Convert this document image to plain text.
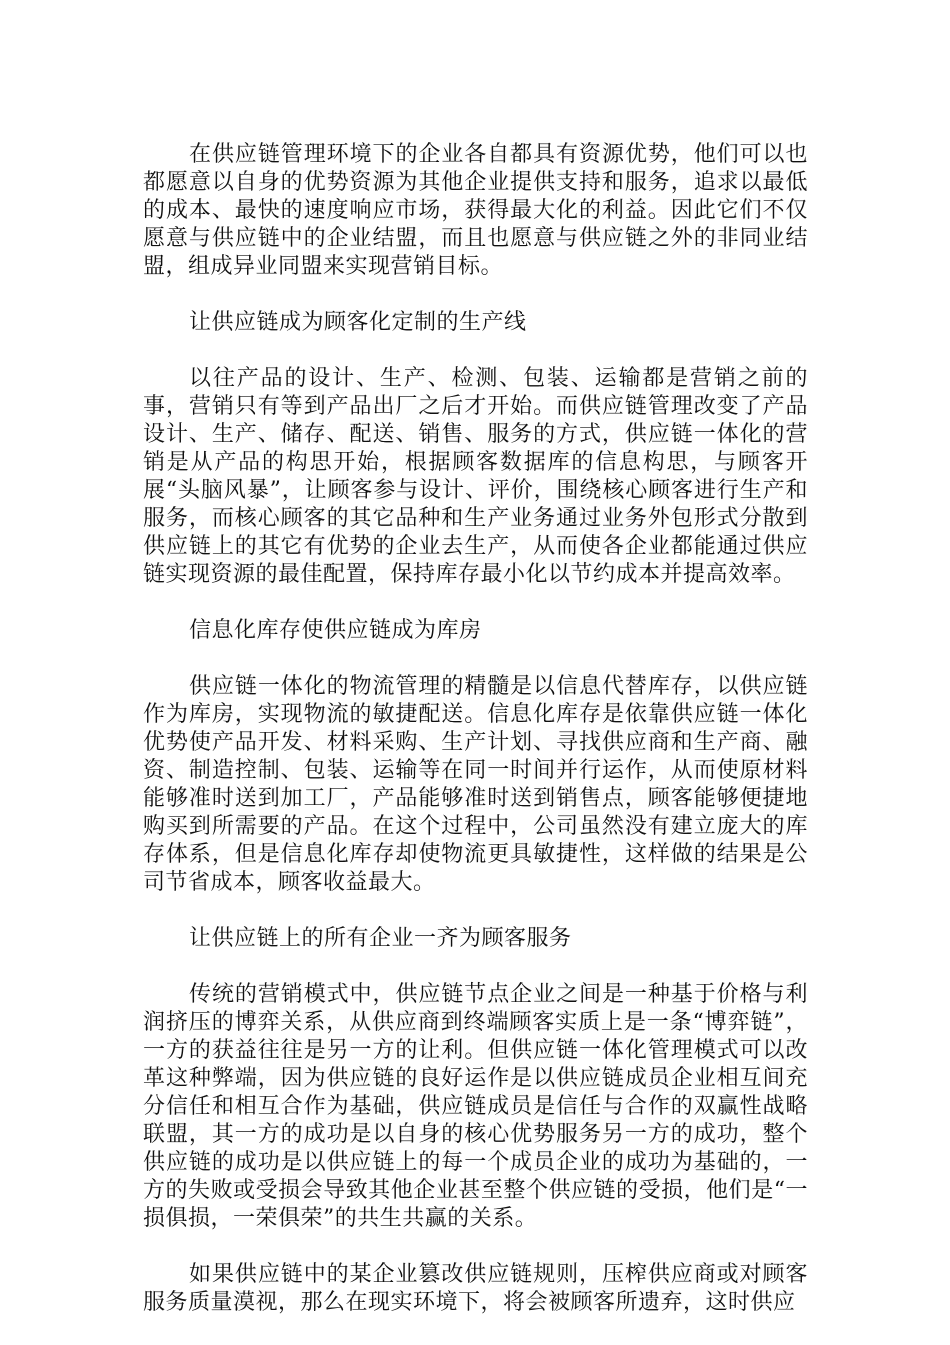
在供应链管理环境下的企业各自都具有资源优势，他们可以也都愿意以自身的优势资源为其他企业提供支持和服务，追求以最低的成本、最快的速度响应市场，获得最大化的利益。因此它们不仅愿意与供应链中的企业结盟，而且也愿意与供应链之外的非同业结盟，组成异业同盟来实现营销目标。

让供应链成为顾客化定制的生产线

以往产品的设计、生产、检测、包装、运输都是营销之前的事，营销只有等到产品出厂之后才开始。而供应链管理改变了产品设计、生产、储存、配送、销售、服务的方式，供应链一体化的营销是从产品的构思开始，根据顾客数据库的信息构思，与顾客开展“头脑风暴”，让顾客参与设计、评价，围绕核心顾客进行生产和服务，而核心顾客的其它品种和生产业务通过业务外包形式分散到供应链上的其它有优势的企业去生产，从而使各企业都能通过供应链实现资源的最佳配置，保持库存最小化以节约成本并提高效率。

信息化库存使供应链成为库房

供应链一体化的物流管理的精髓是以信息代替库存，以供应链作为库房，实现物流的敏捷配送。信息化库存是依靠供应链一体化优势使产品开发、材料采购、生产计划、寻找供应商和生产商、融资、制造控制、包装、运输等在同一时间并行运作，从而使原材料能够准时送到加工厂，产品能够准时送到销售点，顾客能够便捷地购买到所需要的产品。在这个过程中，公司虽然没有建立庞大的库存体系，但是信息化库存却使物流更具敏捷性，这样做的结果是公司节省成本，顾客收益最大。

让供应链上的所有企业一齐为顾客服务

传统的营销模式中，供应链节点企业之间是一种基于价格与利润挤压的博弈关系，从供应商到终端顾客实质上是一条“博弈链”，一方的获益往往是另一方的让利。但供应链一体化管理模式可以改革这种弊端，因为供应链的良好运作是以供应链成员企业相互间充分信任和相互合作为基础，供应链成员是信任与合作的双赢性战略联盟，其一方的成功是以自身的核心优势服务另一方的成功，整个供应链的成功是以供应链上的每一个成员企业的成功为基础的，一方的失败或受损会导致其他企业甚至整个供应链的受损，他们是“一损俱损，一荣俱荣”的共生共赢的关系。

如果供应链中的某企业篡改供应链规则，压榨供应商或对顾客服务质量漠视，那么在现实环境下，将会被顾客所遗弃，这时供应
